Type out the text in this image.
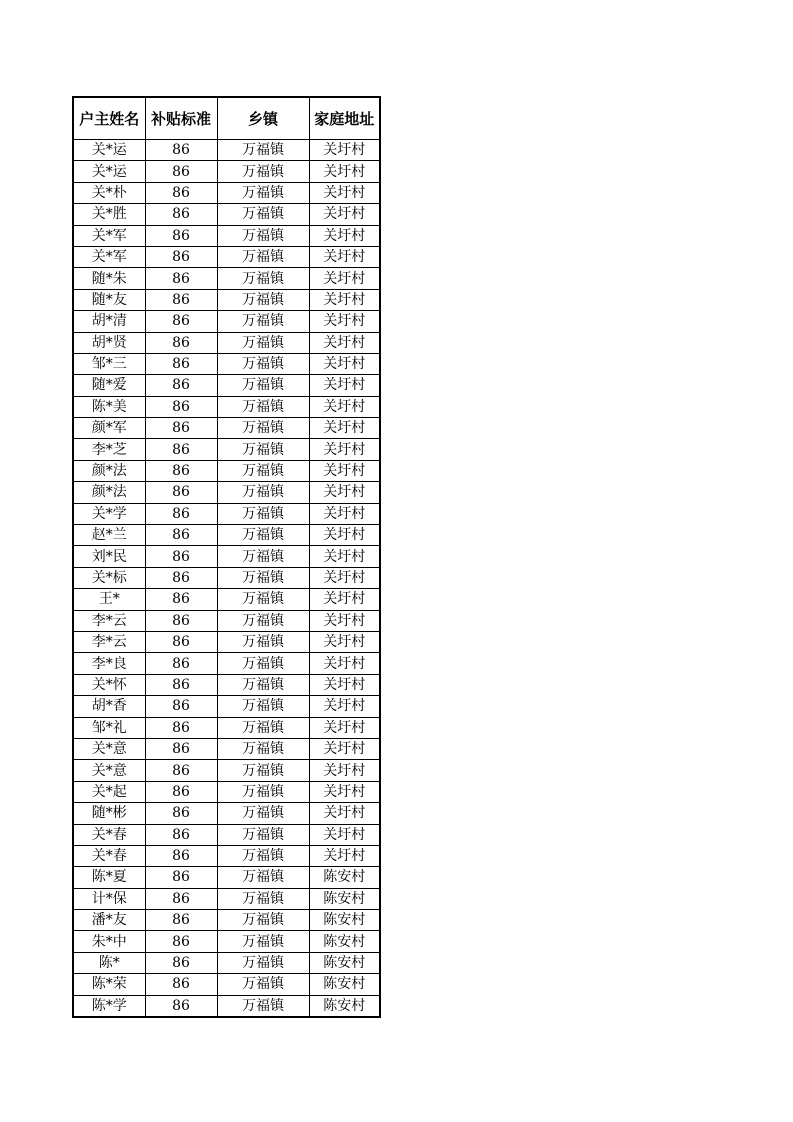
户主姓名	补贴标准	乡镇	家庭地址
关*运	86	万福镇	关圩村
关*运	86	万福镇	关圩村
关*朴	86	万福镇	关圩村
关*胜	86	万福镇	关圩村
关*军	86	万福镇	关圩村
关*军	86	万福镇	关圩村
随*朱	86	万福镇	关圩村
随*友	86	万福镇	关圩村
胡*清	86	万福镇	关圩村
胡*贤	86	万福镇	关圩村
邹*三	86	万福镇	关圩村
随*爱	86	万福镇	关圩村
陈*美	86	万福镇	关圩村
颜*军	86	万福镇	关圩村
李*芝	86	万福镇	关圩村
颜*法	86	万福镇	关圩村
颜*法	86	万福镇	关圩村
关*学	86	万福镇	关圩村
赵*兰	86	万福镇	关圩村
刘*民	86	万福镇	关圩村
关*标	86	万福镇	关圩村
王*	86	万福镇	关圩村
李*云	86	万福镇	关圩村
李*云	86	万福镇	关圩村
李*良	86	万福镇	关圩村
关*怀	86	万福镇	关圩村
胡*香	86	万福镇	关圩村
邹*礼	86	万福镇	关圩村
关*意	86	万福镇	关圩村
关*意	86	万福镇	关圩村
关*起	86	万福镇	关圩村
随*彬	86	万福镇	关圩村
关*春	86	万福镇	关圩村
关*春	86	万福镇	关圩村
陈*夏	86	万福镇	陈安村
计*保	86	万福镇	陈安村
潘*友	86	万福镇	陈安村
朱*中	86	万福镇	陈安村
陈*	86	万福镇	陈安村
陈*荣	86	万福镇	陈安村
陈*学	86	万福镇	陈安村
